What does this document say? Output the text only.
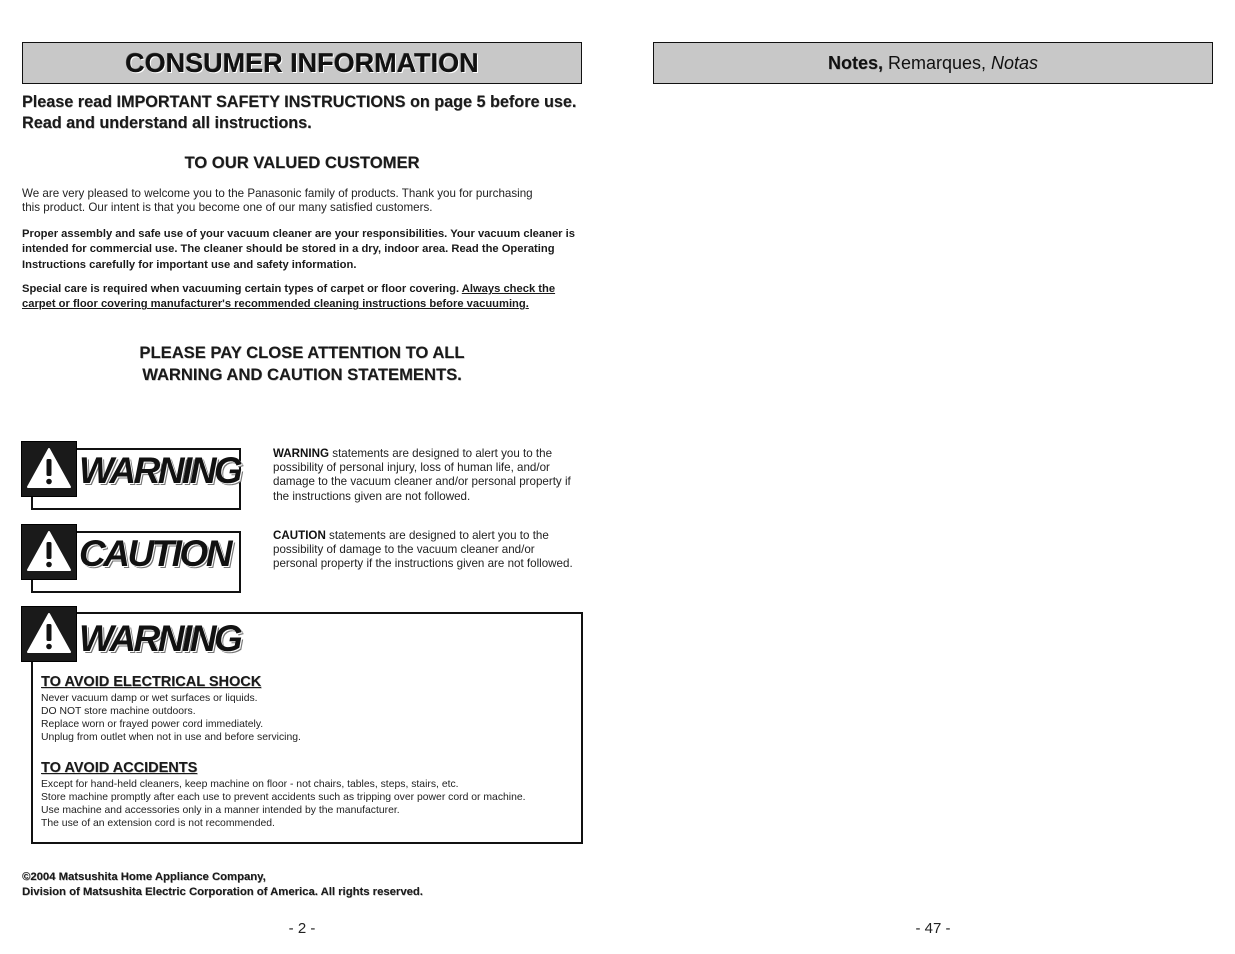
CONSUMER INFORMATION
Please read IMPORTANT SAFETY INSTRUCTIONS on page 5 before use. Read and understand all instructions.
TO OUR VALUED CUSTOMER
We are very pleased to welcome you to the Panasonic family of products. Thank you for purchasing this product. Our intent is that you become one of our many satisfied customers.
Proper assembly and safe use of your vacuum cleaner are your responsibilities. Your vacuum cleaner is intended for commercial use. The cleaner should be stored in a dry, indoor area. Read the Operating Instructions carefully for important use and safety information.
Special care is required when vacuuming certain types of carpet or floor covering. Always check the carpet or floor covering manufacturer's recommended cleaning instructions before vacuuming.
PLEASE PAY CLOSE ATTENTION TO ALL
WARNING AND CAUTION STATEMENTS.
WARNING	WARNING statements are designed to alert you to the possibility of personal injury, loss of human life, and/or damage to the vacuum cleaner and/or personal property if the instructions given are not followed.
CAUTION	CAUTION statements are designed to alert you to the possibility of damage to the vacuum cleaner and/or personal property if the instructions given are not followed.
TO AVOID ELECTRICAL SHOCK
Never vacuum damp or wet surfaces or liquids.
DO NOT store machine outdoors.
Replace worn or frayed power cord immediately.
Unplug from outlet when not in use and before servicing.
TO AVOID ACCIDENTS
Except for hand-held cleaners, keep machine on floor - not chairs, tables, steps, stairs, etc.
Store machine promptly after each use to prevent accidents such as tripping over power cord or machine.
Use machine and accessories only in a manner intended by the manufacturer.
The use of an extension cord is not recommended.
WARNING
©2004 Matsushita Home Appliance Company,
Division of Matsushita Electric Corporation of America. All rights reserved.
- 2 -
Notes, Remarques, Notas
- 47 -
